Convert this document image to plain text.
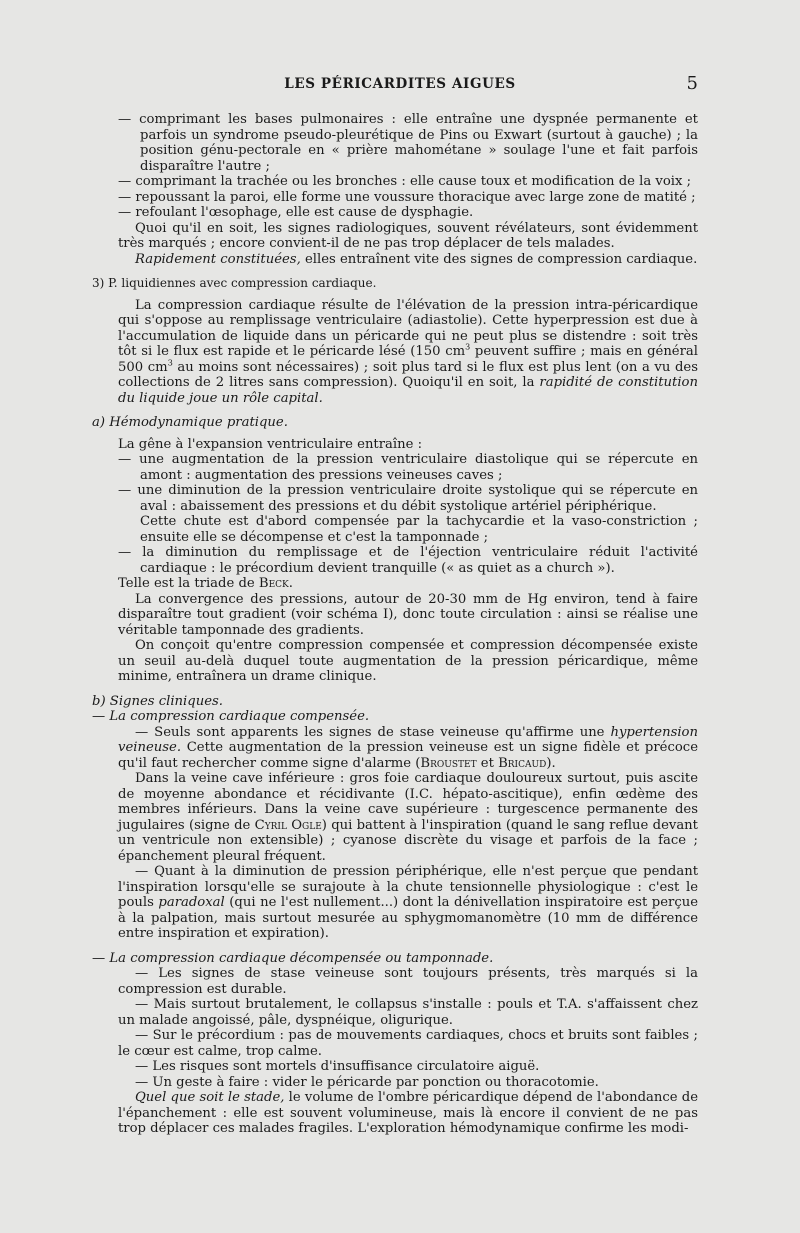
LES PÉRICARDITES AIGUES	5

— comprimant les bases pulmonaires : elle entraîne une dyspnée permanente et parfois un syndrome pseudo-pleurétique de Pins ou Exwart (surtout à gauche) ; la position génu-pectorale en « prière mahométane » soulage l'une et fait parfois disparaître l'autre ;

— comprimant la trachée ou les bronches : elle cause toux et modification de la voix ;

— repoussant la paroi, elle forme une voussure thoracique avec large zone de matité ;

— refoulant l'œsophage, elle est cause de dysphagie.

Quoi qu'il en soit, les signes radiologiques, souvent révélateurs, sont évidemment très marqués ; encore convient-il de ne pas trop déplacer de tels malades.

Rapidement constituées, elles entraînent vite des signes de compression cardiaque.

3) P. liquidiennes avec compression cardiaque.

La compression cardiaque résulte de l'élévation de la pression intra-péricardique qui s'oppose au remplissage ventriculaire (adiastolie). Cette hyperpression est due à l'accumulation de liquide dans un péricarde qui ne peut plus se distendre : soit très tôt si le flux est rapide et le péricarde lésé (150 $cm^3$ peuvent suffire ; mais en général 500 $cm^3$ au moins sont nécessaires) ; soit plus tard si le flux est plus lent (on a vu des collections de 2 litres sans compression). Quoiqu'il en soit, la rapidité de constitution du liquide joue un rôle capital.

a) Hémodynamique pratique.

La gêne à l'expansion ventriculaire entraîne :

— une augmentation de la pression ventriculaire diastolique qui se répercute en amont : augmentation des pressions veineuses caves ;

— une diminution de la pression ventriculaire droite systolique qui se répercute en aval : abaissement des pressions et du débit systolique artériel périphérique.

Cette chute est d'abord compensée par la tachycardie et la vaso-constriction ; ensuite elle se décompense et c'est la tamponnade ;

— la diminution du remplissage et de l'éjection ventriculaire réduit l'activité cardiaque : le précordium devient tranquille (« as quiet as a church »).

Telle est la triade de Beck.

La convergence des pressions, autour de 20-30 mm de Hg environ, tend à faire disparaître tout gradient (voir schéma I), donc toute circulation : ainsi se réalise une véritable tamponnade des gradients.

On conçoit qu'entre compression compensée et compression décompensée existe un seuil au-delà duquel toute augmentation de la pression péricardique, même minime, entraînera un drame clinique.

b) Signes cliniques.

— La compression cardiaque compensée.

— Seuls sont apparents les signes de stase veineuse qu'affirme une hypertension veineuse. Cette augmentation de la pression veineuse est un signe fidèle et précoce qu'il faut rechercher comme signe d'alarme (Broustet et Bricaud).

Dans la veine cave inférieure : gros foie cardiaque douloureux surtout, puis ascite de moyenne abondance et récidivante (I.C. hépato-ascitique), enfin œdème des membres inférieurs. Dans la veine cave supérieure : turgescence permanente des jugulaires (signe de Cyril Ogle) qui battent à l'inspiration (quand le sang reflue devant un ventricule non extensible) ; cyanose discrète du visage et parfois de la face ; épanchement pleural fréquent.

— Quant à la diminution de pression périphérique, elle n'est perçue que pendant l'inspiration lorsqu'elle se surajoute à la chute tensionnelle physiologique : c'est le pouls paradoxal (qui ne l'est nullement...) dont la dénivellation inspiratoire est perçue à la palpation, mais surtout mesurée au sphygmomanomètre (10 mm de différence entre inspiration et expiration).

— La compression cardiaque décompensée ou tamponnade.

— Les signes de stase veineuse sont toujours présents, très marqués si la compression est durable.

— Mais surtout brutalement, le collapsus s'installe : pouls et T.A. s'affaissent chez un malade angoissé, pâle, dyspnéique, oligurique.

— Sur le précordium : pas de mouvements cardiaques, chocs et bruits sont faibles ; le cœur est calme, trop calme.

— Les risques sont mortels d'insuffisance circulatoire aiguë.

— Un geste à faire : vider le péricarde par ponction ou thoracotomie.

Quel que soit le stade, le volume de l'ombre péricardique dépend de l'abondance de l'épanchement : elle est souvent volumineuse, mais là encore il convient de ne pas trop déplacer ces malades fragiles. L'exploration hémodynamique confirme les modi-
